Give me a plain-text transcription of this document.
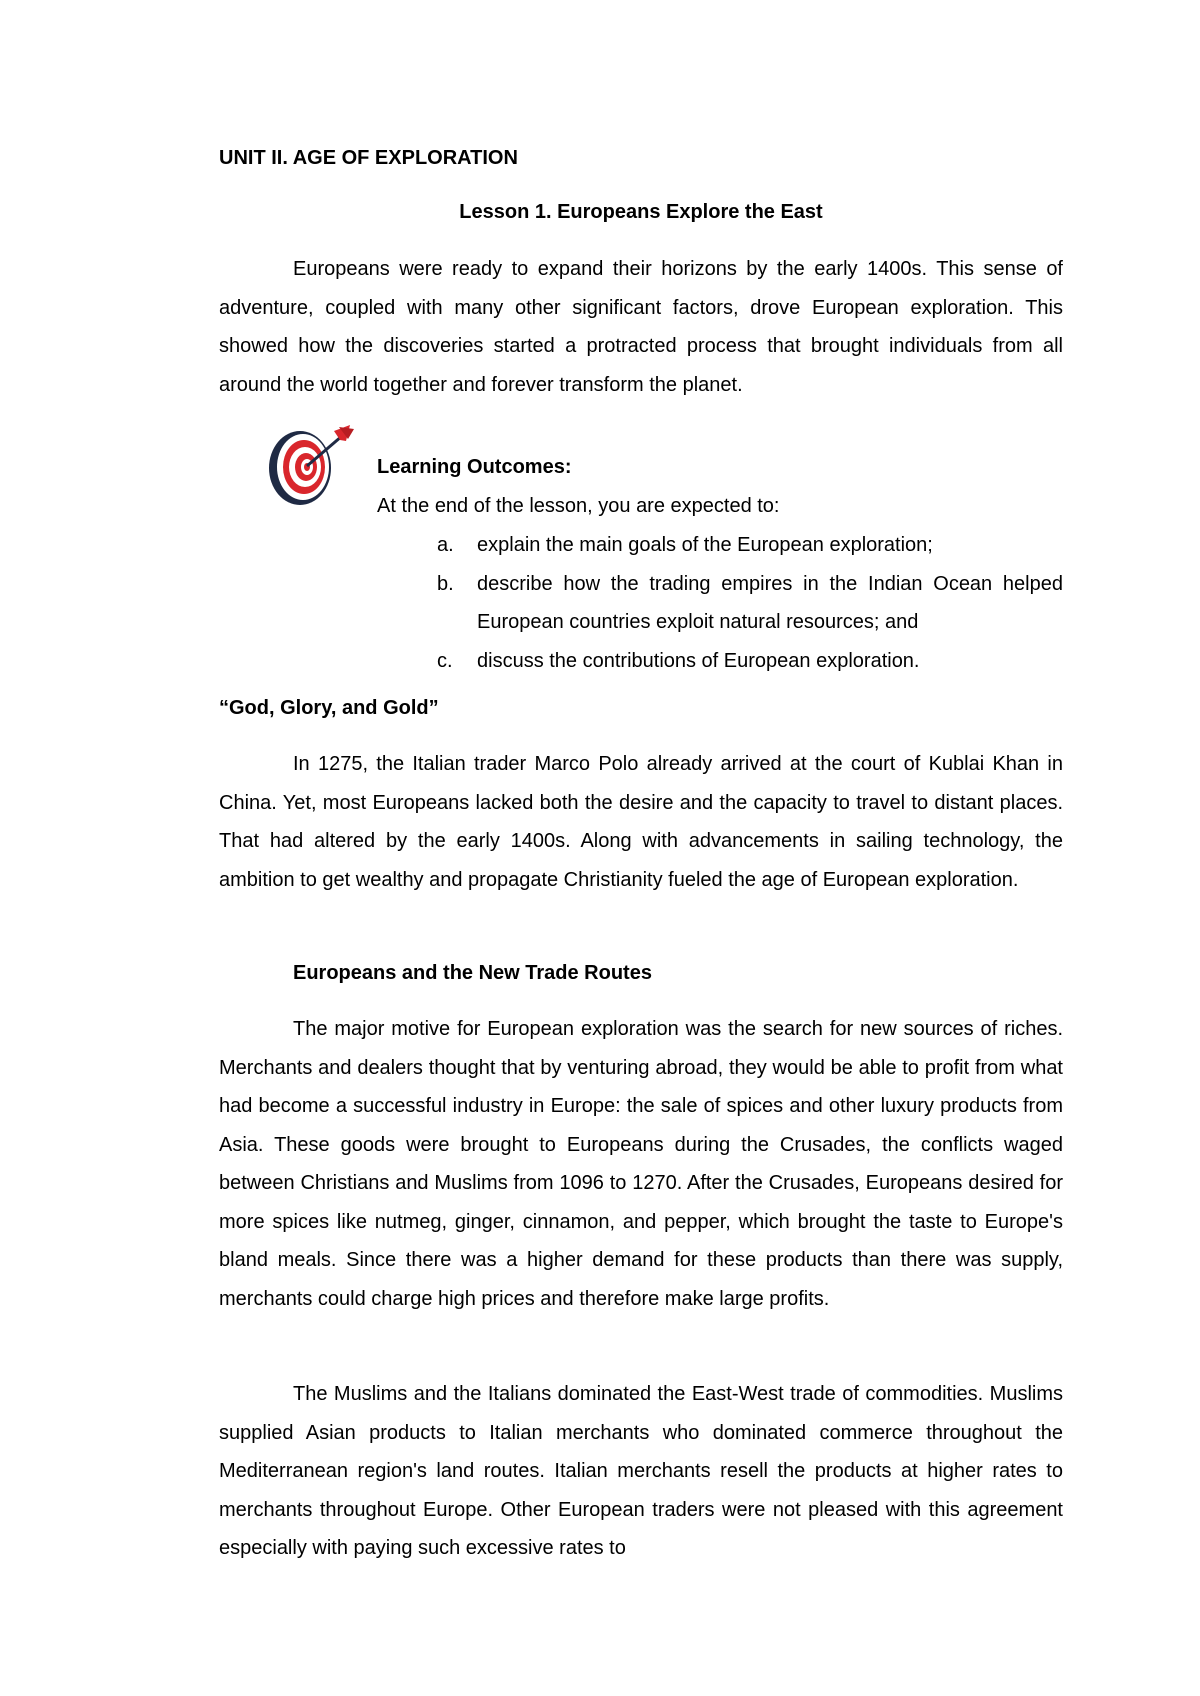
UNIT II. AGE OF EXPLORATION
Lesson 1. Europeans Explore the East

Europeans were ready to expand their horizons by the early 1400s. This sense of adventure, coupled with many other significant factors, drove European exploration. This showed how the discoveries started a protracted process that brought individuals from all around the world together and forever transform the planet.

Learning Outcomes:

At the end of the lesson, you are expected to:

a.	explain the main goals of the European exploration;
b.	describe how the trading empires in the Indian Ocean helped European countries exploit natural resources; and
c.	discuss the contributions of European exploration.
“God, Glory, and Gold”

In 1275, the Italian trader Marco Polo already arrived at the court of Kublai Khan in China. Yet, most Europeans lacked both the desire and the capacity to travel to distant places. That had altered by the early 1400s. Along with advancements in sailing technology, the ambition to get wealthy and propagate Christianity fueled the age of European exploration.

Europeans and the New Trade Routes

The major motive for European exploration was the search for new sources of riches. Merchants and dealers thought that by venturing abroad, they would be able to profit from what had become a successful industry in Europe: the sale of spices and other luxury products from Asia. These goods were brought to Europeans during the Crusades, the conflicts waged between Christians and Muslims from 1096 to 1270. After the Crusades, Europeans desired for more spices like nutmeg, ginger, cinnamon, and pepper, which brought the taste to Europe's bland meals. Since there was a higher demand for these products than there was supply, merchants could charge high prices and therefore make large profits.

The Muslims and the Italians dominated the East-West trade of commodities. Muslims supplied Asian products to Italian merchants who dominated commerce throughout the Mediterranean region's land routes. Italian merchants resell the products at higher rates to merchants throughout Europe. Other European traders were not pleased with this agreement especially with paying such excessive rates to
